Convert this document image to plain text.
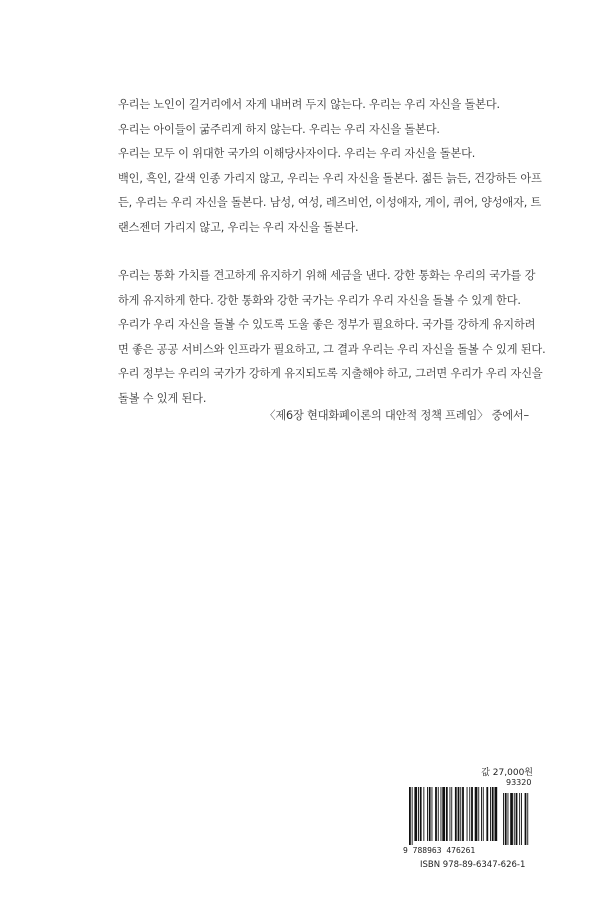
우리는 노인이 길거리에서 자게 내버려 두지 않는다. 우리는 우리 자신을 돌본다.
우리는 아이들이 굶주리게 하지 않는다. 우리는 우리 자신을 돌본다.
우리는 모두 이 위대한 국가의 이해당사자이다. 우리는 우리 자신을 돌본다.
백인, 흑인, 갈색 인종 가리지 않고, 우리는 우리 자신을 돌본다. 젊든 늙든, 건강하든 아프
든, 우리는 우리 자신을 돌본다. 남성, 여성, 레즈비언, 이성애자, 게이, 퀴어, 양성애자, 트
랜스젠더 가리지 않고, 우리는 우리 자신을 돌본다.

우리는 통화 가치를 견고하게 유지하기 위해 세금을 낸다. 강한 통화는 우리의 국가를 강
하게 유지하게 한다. 강한 통화와 강한 국가는 우리가 우리 자신을 돌볼 수 있게 한다.
우리가 우리 자신을 돌볼 수 있도록 도울 좋은 정부가 필요하다. 국가를 강하게 유지하려
면 좋은 공공 서비스와 인프라가 필요하고, 그 결과 우리는 우리 자신을 돌볼 수 있게 된다.
우리 정부는 우리의 국가가 강하게 유지되도록 지출해야 하고, 그러면 우리가 우리 자신을
돌볼 수 있게 된다.

〈제6장 현대화폐이론의 대안적 정책 프레임〉 중에서–
값 27,000원
93320
9 788963 476261
ISBN 978-89-6347-626-1
